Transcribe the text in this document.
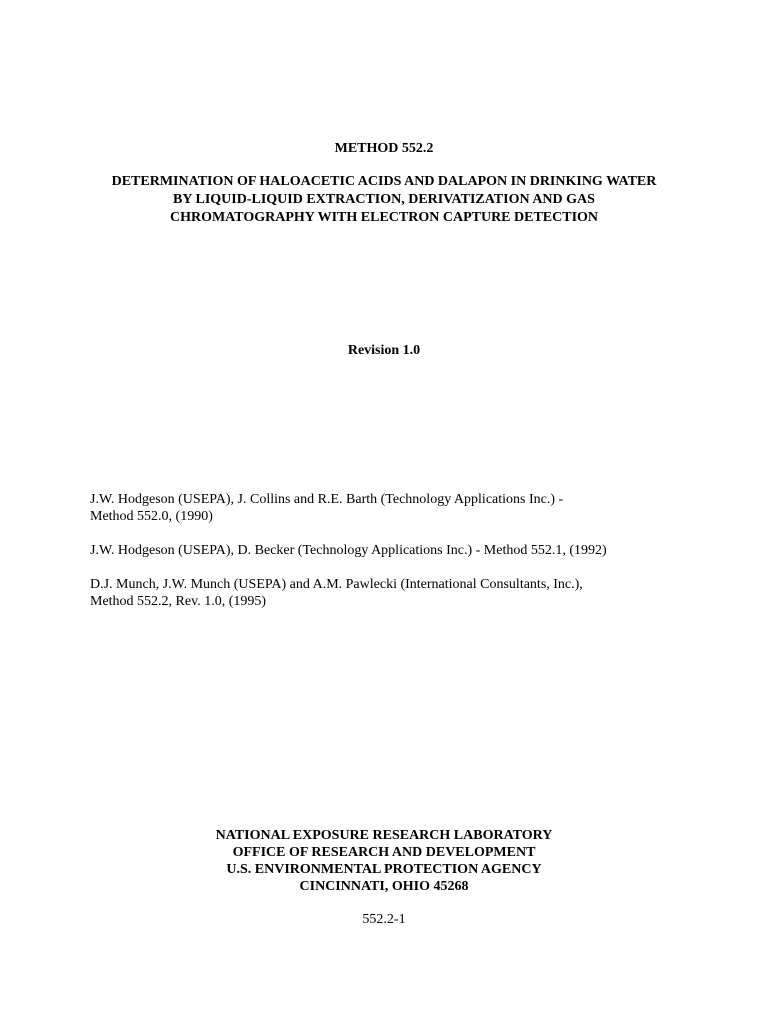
METHOD 552.2
DETERMINATION OF HALOACETIC ACIDS AND DALAPON IN DRINKING WATER
BY LIQUID-LIQUID EXTRACTION, DERIVATIZATION AND GAS
CHROMATOGRAPHY WITH ELECTRON CAPTURE DETECTION
Revision 1.0
J.W. Hodgeson (USEPA), J. Collins and R.E. Barth (Technology Applications Inc.) -
Method 552.0, (1990)
J.W. Hodgeson (USEPA), D. Becker (Technology Applications Inc.) - Method 552.1, (1992)
D.J. Munch, J.W. Munch (USEPA) and A.M. Pawlecki (International Consultants, Inc.),
Method 552.2, Rev. 1.0, (1995)
NATIONAL EXPOSURE RESEARCH LABORATORY
OFFICE OF RESEARCH AND DEVELOPMENT
U.S. ENVIRONMENTAL PROTECTION AGENCY
CINCINNATI, OHIO 45268
552.2-1
